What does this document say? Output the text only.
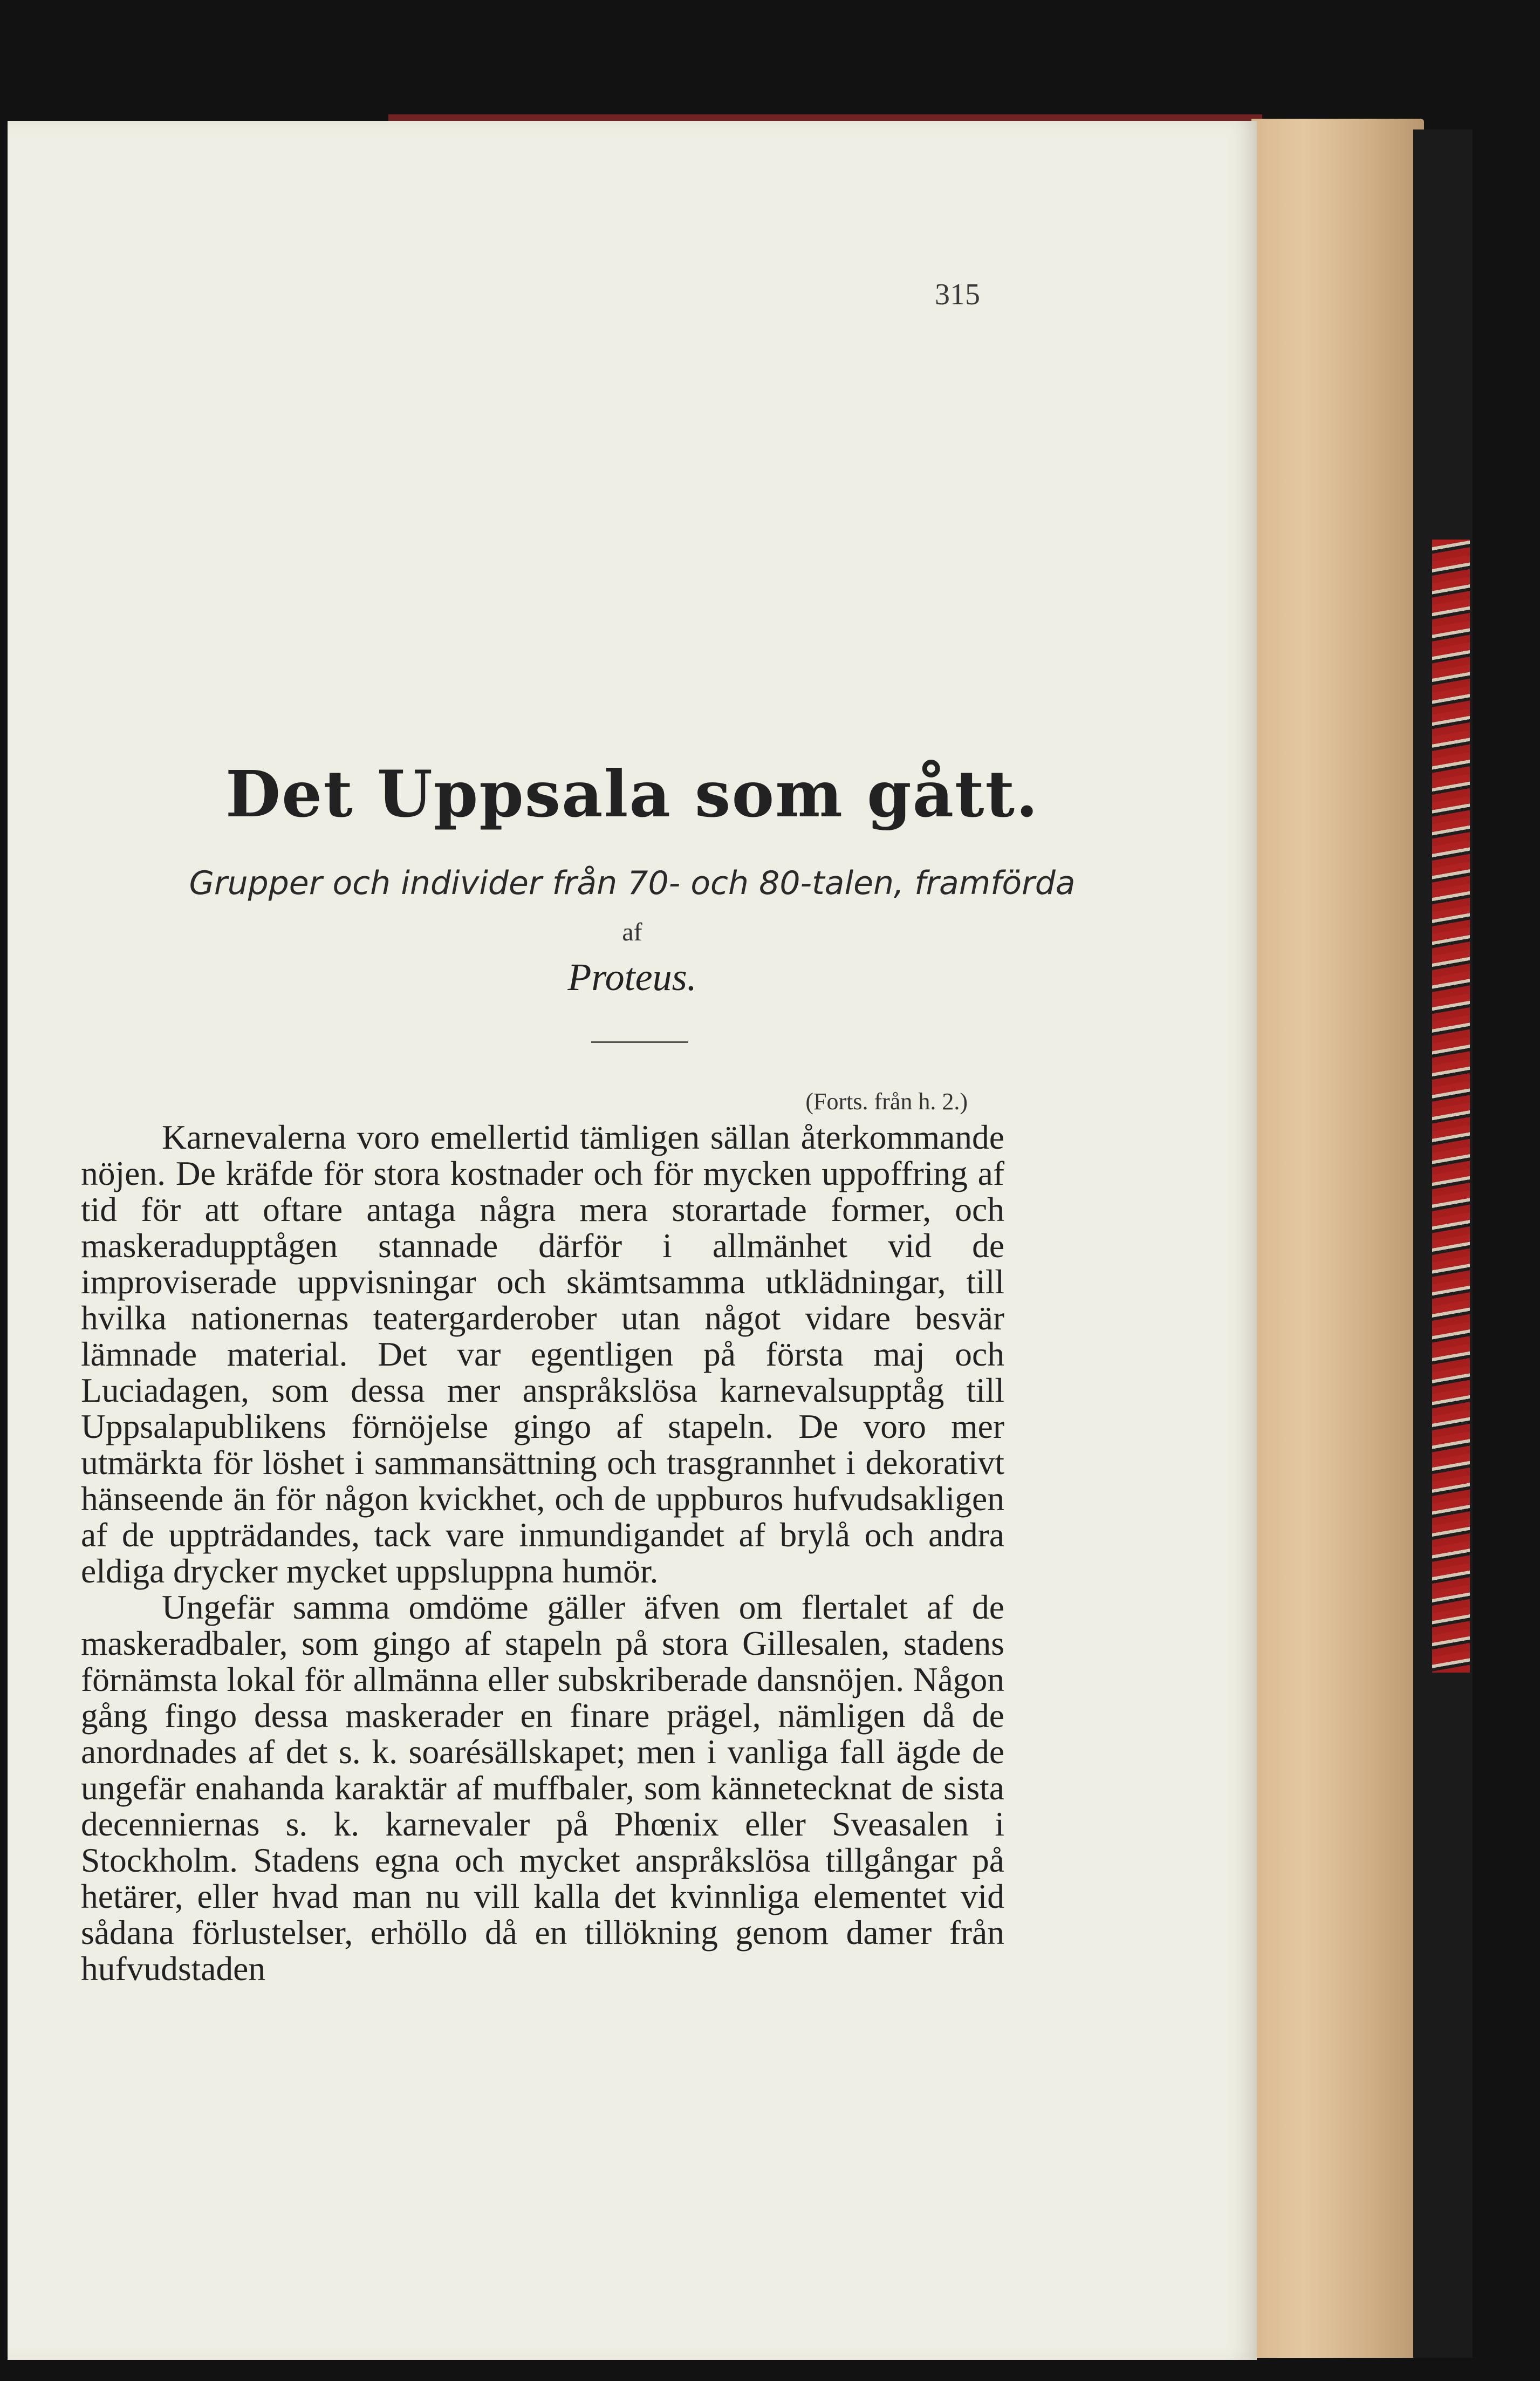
315
Det Uppsala som gått.
Grupper och individer från 70- och 80-talen, framförda
af
Proteus.
(Forts. från h. 2.)

Karnevalerna voro emellertid tämligen sällan återkommande nöjen. De kräfde för stora kostnader och för mycken uppoffring af tid för att oftare antaga några mera storartade former, och maskeradupptågen stannade därför i allmänhet vid de improviserade uppvisningar och skämtsamma utklädningar, till hvilka nationernas teatergarderober utan något vidare besvär lämnade material. Det var egentligen på första maj och Luciadagen, som dessa mer anspråkslösa karnevalsupptåg till Uppsalapublikens förnöjelse gingo af stapeln. De voro mer utmärkta för löshet i sammansättning och trasgrannhet i dekorativt hänseende än för någon kvickhet, och de uppburos hufvudsakligen af de uppträdandes, tack vare inmundigandet af brylå och andra eldiga drycker mycket uppsluppna humör.

Ungefär samma omdöme gäller äfven om flertalet af de maskeradbaler, som gingo af stapeln på stora Gillesalen, stadens förnämsta lokal för allmänna eller subskriberade dansnöjen. Någon gång fingo dessa maskerader en finare prägel, nämligen då de anordnades af det s. k. soarésällskapet; men i vanliga fall ägde de ungefär enahanda karaktär af muffbaler, som kännetecknat de sista decenniernas s. k. karnevaler på Phœnix eller Sveasalen i Stockholm. Stadens egna och mycket anspråkslösa tillgångar på hetärer, eller hvad man nu vill kalla det kvinnliga elementet vid sådana förlustelser, erhöllo då en tillökning genom damer från hufvudstaden
